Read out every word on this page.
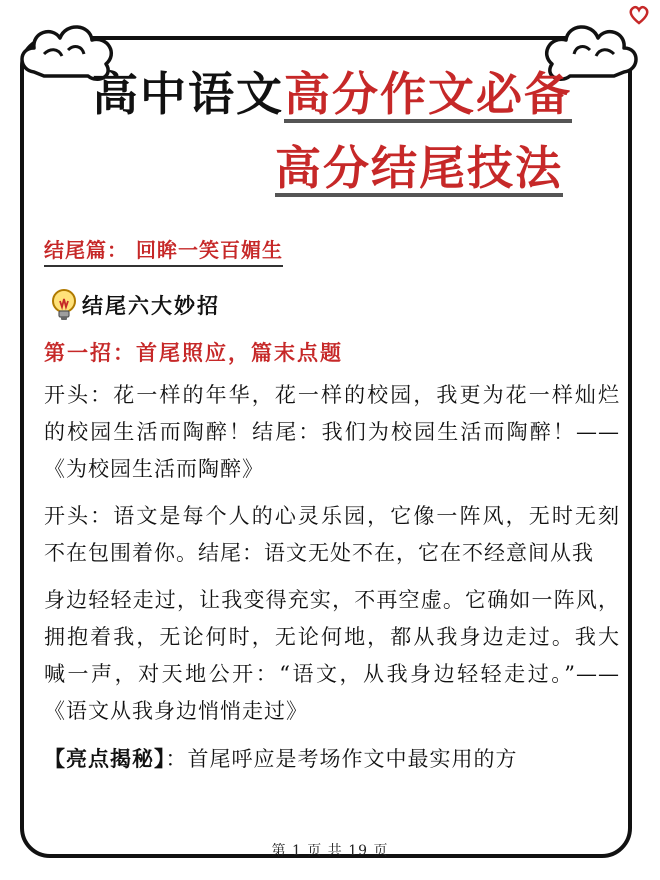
高中语文高分作文必备
高分结尾技法
结尾篇： 回眸一笑百媚生
结尾六大妙招
第一招：首尾照应，篇末点题

开头：花一样的年华，花一样的校园，我更为花一样灿烂 的校园生活而陶醉！结尾：我们为校园生活而陶醉！——《为校园生活而陶醉》

开头：语文是每个人的心灵乐园，它像一阵风，无时无刻 不在包围着你。结尾：语文无处不在，它在不经意间从我

身边轻轻走过，让我变得充实，不再空虚。它确如一阵风，拥抱着我，无论何时，无论何地，都从我身边走过。我大 喊一声，对天地公开：“语文，从我身边轻轻走过。”——《语文从我身边悄悄走过》

【亮点揭秘】：首尾呼应是考场作文中最实用的方
第 1 页 共 19 页
